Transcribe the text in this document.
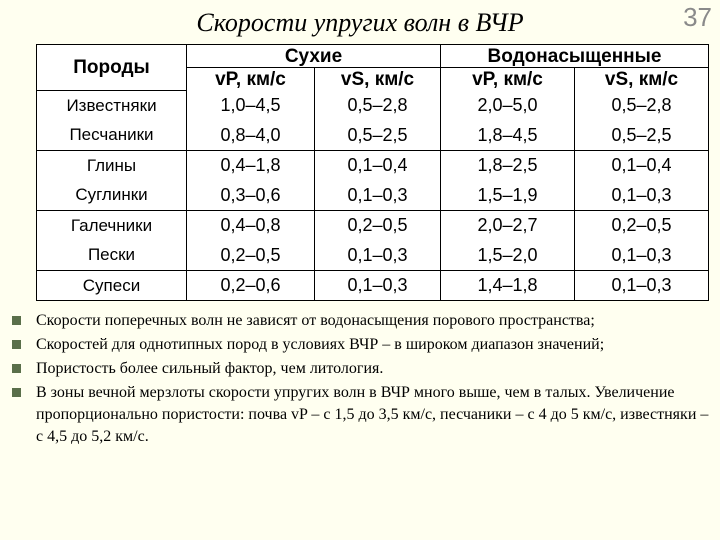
Скорости упругих волн в ВЧР	37
Породы	Сухие		Водонасыщенные	
	vP, км/с	vS, км/с	vP, км/с	vS, км/с
Известняки	1,0–4,5	0,5–2,8	2,0–5,0	0,5–2,8
Песчаники	0,8–4,0	0,5–2,5	1,8–4,5	0,5–2,5
Глины	0,4–1,8	0,1–0,4	1,8–2,5	0,1–0,4
Суглинки	0,3–0,6	0,1–0,3	1,5–1,9	0,1–0,3
Галечники	0,4–0,8	0,2–0,5	2,0–2,7	0,2–0,5
Пески	0,2–0,5	0,1–0,3	1,5–2,0	0,1–0,3
Супеси	0,2–0,6	0,1–0,3	1,4–1,8	0,1–0,3
Скорости поперечных волн не зависят от водонасыщения порового пространства;
Скоростей для однотипных пород в условиях ВЧР – в широком диапазон значений;
Пористость более сильный фактор, чем литология.
В зоны вечной мерзлоты скорости упругих волн в ВЧР много выше, чем в талых. Увеличение пропорционально пористости: почва vP – с 1,5 до 3,5 км/с, песчаники – с 4 до 5 км/с, известняки – с 4,5 до 5,2 км/с.
